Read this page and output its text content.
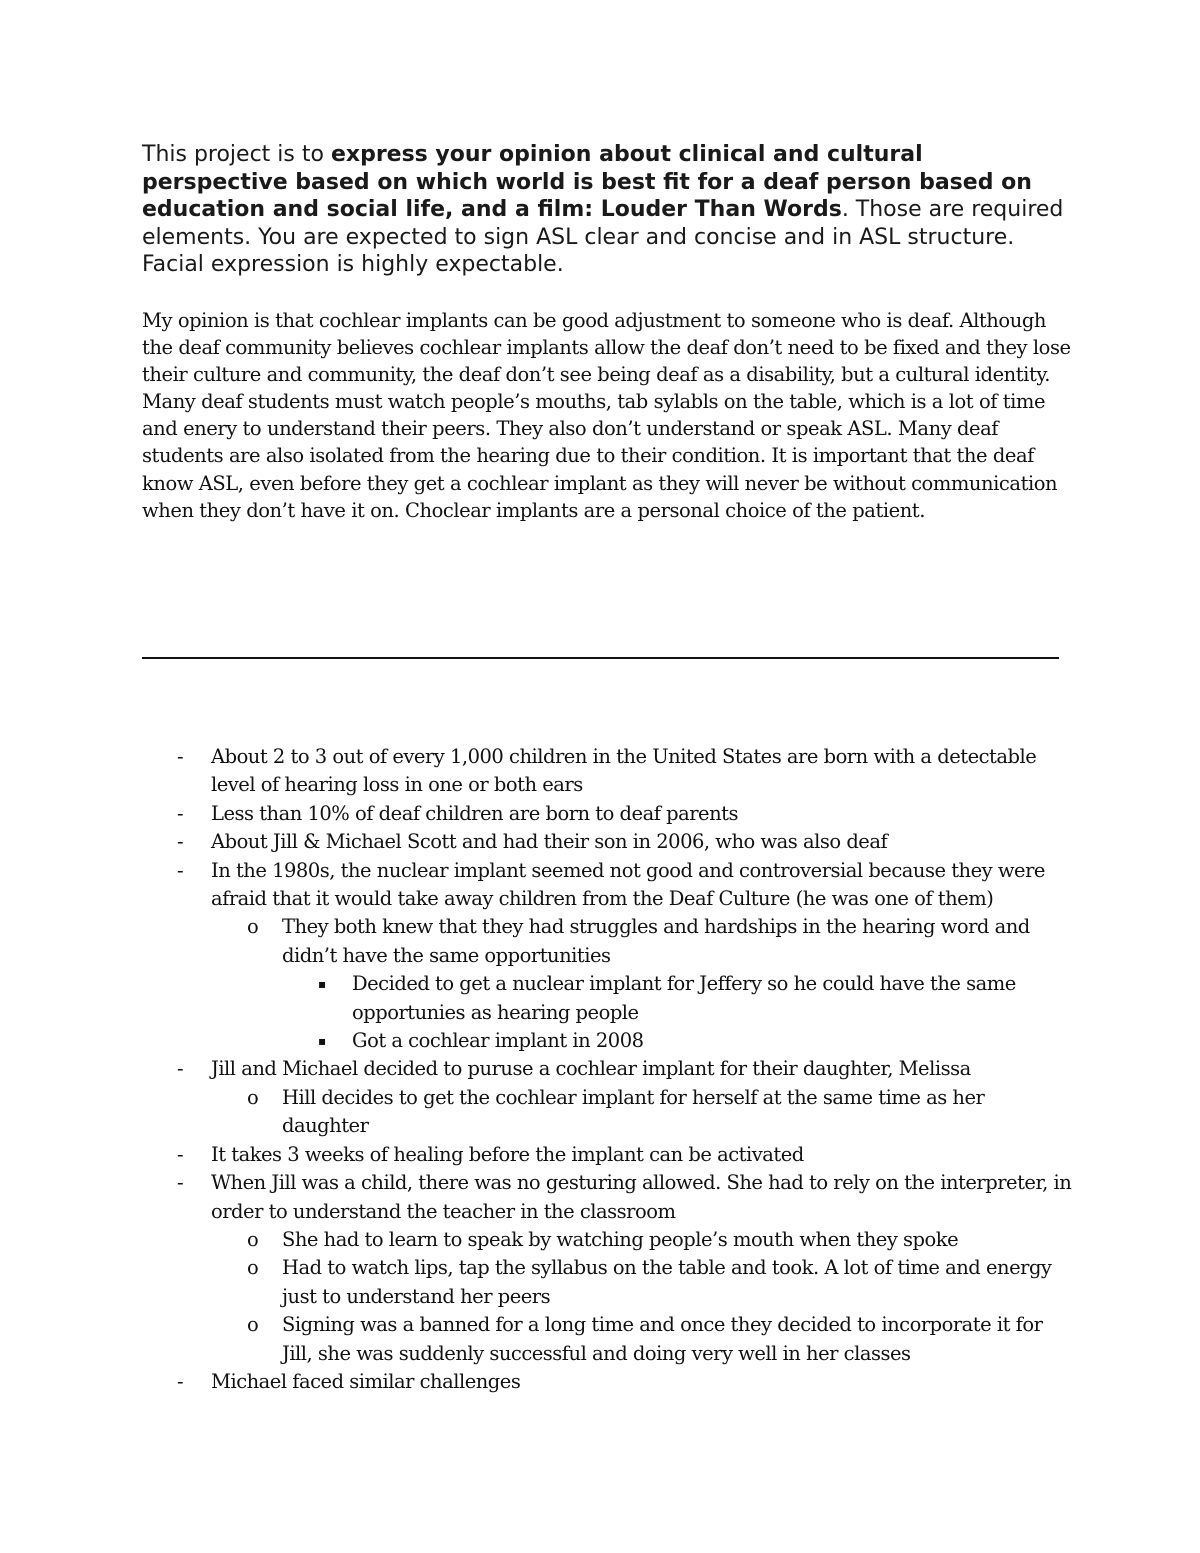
This project is to express your opinion about clinical and cultural perspective based on which world is best fit for a deaf person based on education and social life, and a film: Louder Than Words. Those are required elements. You are expected to sign ASL clear and concise and in ASL structure. Facial expression is highly expectable.

My opinion is that cochlear implants can be good adjustment to someone who is deaf. Although the deaf community believes cochlear implants allow the deaf don’t need to be fixed and they lose their culture and community, the deaf don’t see being deaf as a disability, but a cultural identity. Many deaf students must watch people’s mouths, tab sylabls on the table, which is a lot of time and enery to understand their peers. They also don’t understand or speak ASL. Many deaf students are also isolated from the hearing due to their condition. It is important that the deaf know ASL, even before they get a cochlear implant as they will never be without communication when they don’t have it on. Choclear implants are a personal choice of the patient.

- About 2 to 3 out of every 1,000 children in the United States are born with a detectable level of hearing loss in one or both ears
- Less than 10% of deaf children are born to deaf parents
- About Jill & Michael Scott and had their son in 2006, who was also deaf
- In the 1980s, the nuclear implant seemed not good and controversial because they were afraid that it would take away children from the Deaf Culture (he was one of them)
o They both knew that they had struggles and hardships in the hearing word and didn’t have the same opportunities
▪ Decided to get a nuclear implant for Jeffery so he could have the same opportunies as hearing people
▪ Got a cochlear implant in 2008
- Jill and Michael decided to puruse a cochlear implant for their daughter, Melissa
o Hill decides to get the cochlear implant for herself at the same time as her daughter
- It takes 3 weeks of healing before the implant can be activated
- When Jill was a child, there was no gesturing allowed. She had to rely on the interpreter, in order to understand the teacher in the classroom
o She had to learn to speak by watching people’s mouth when they spoke
o Had to watch lips, tap the syllabus on the table and took. A lot of time and energy just to understand her peers
o Signing was a banned for a long time and once they decided to incorporate it for Jill, she was suddenly successful and doing very well in her classes
- Michael faced similar challenges
